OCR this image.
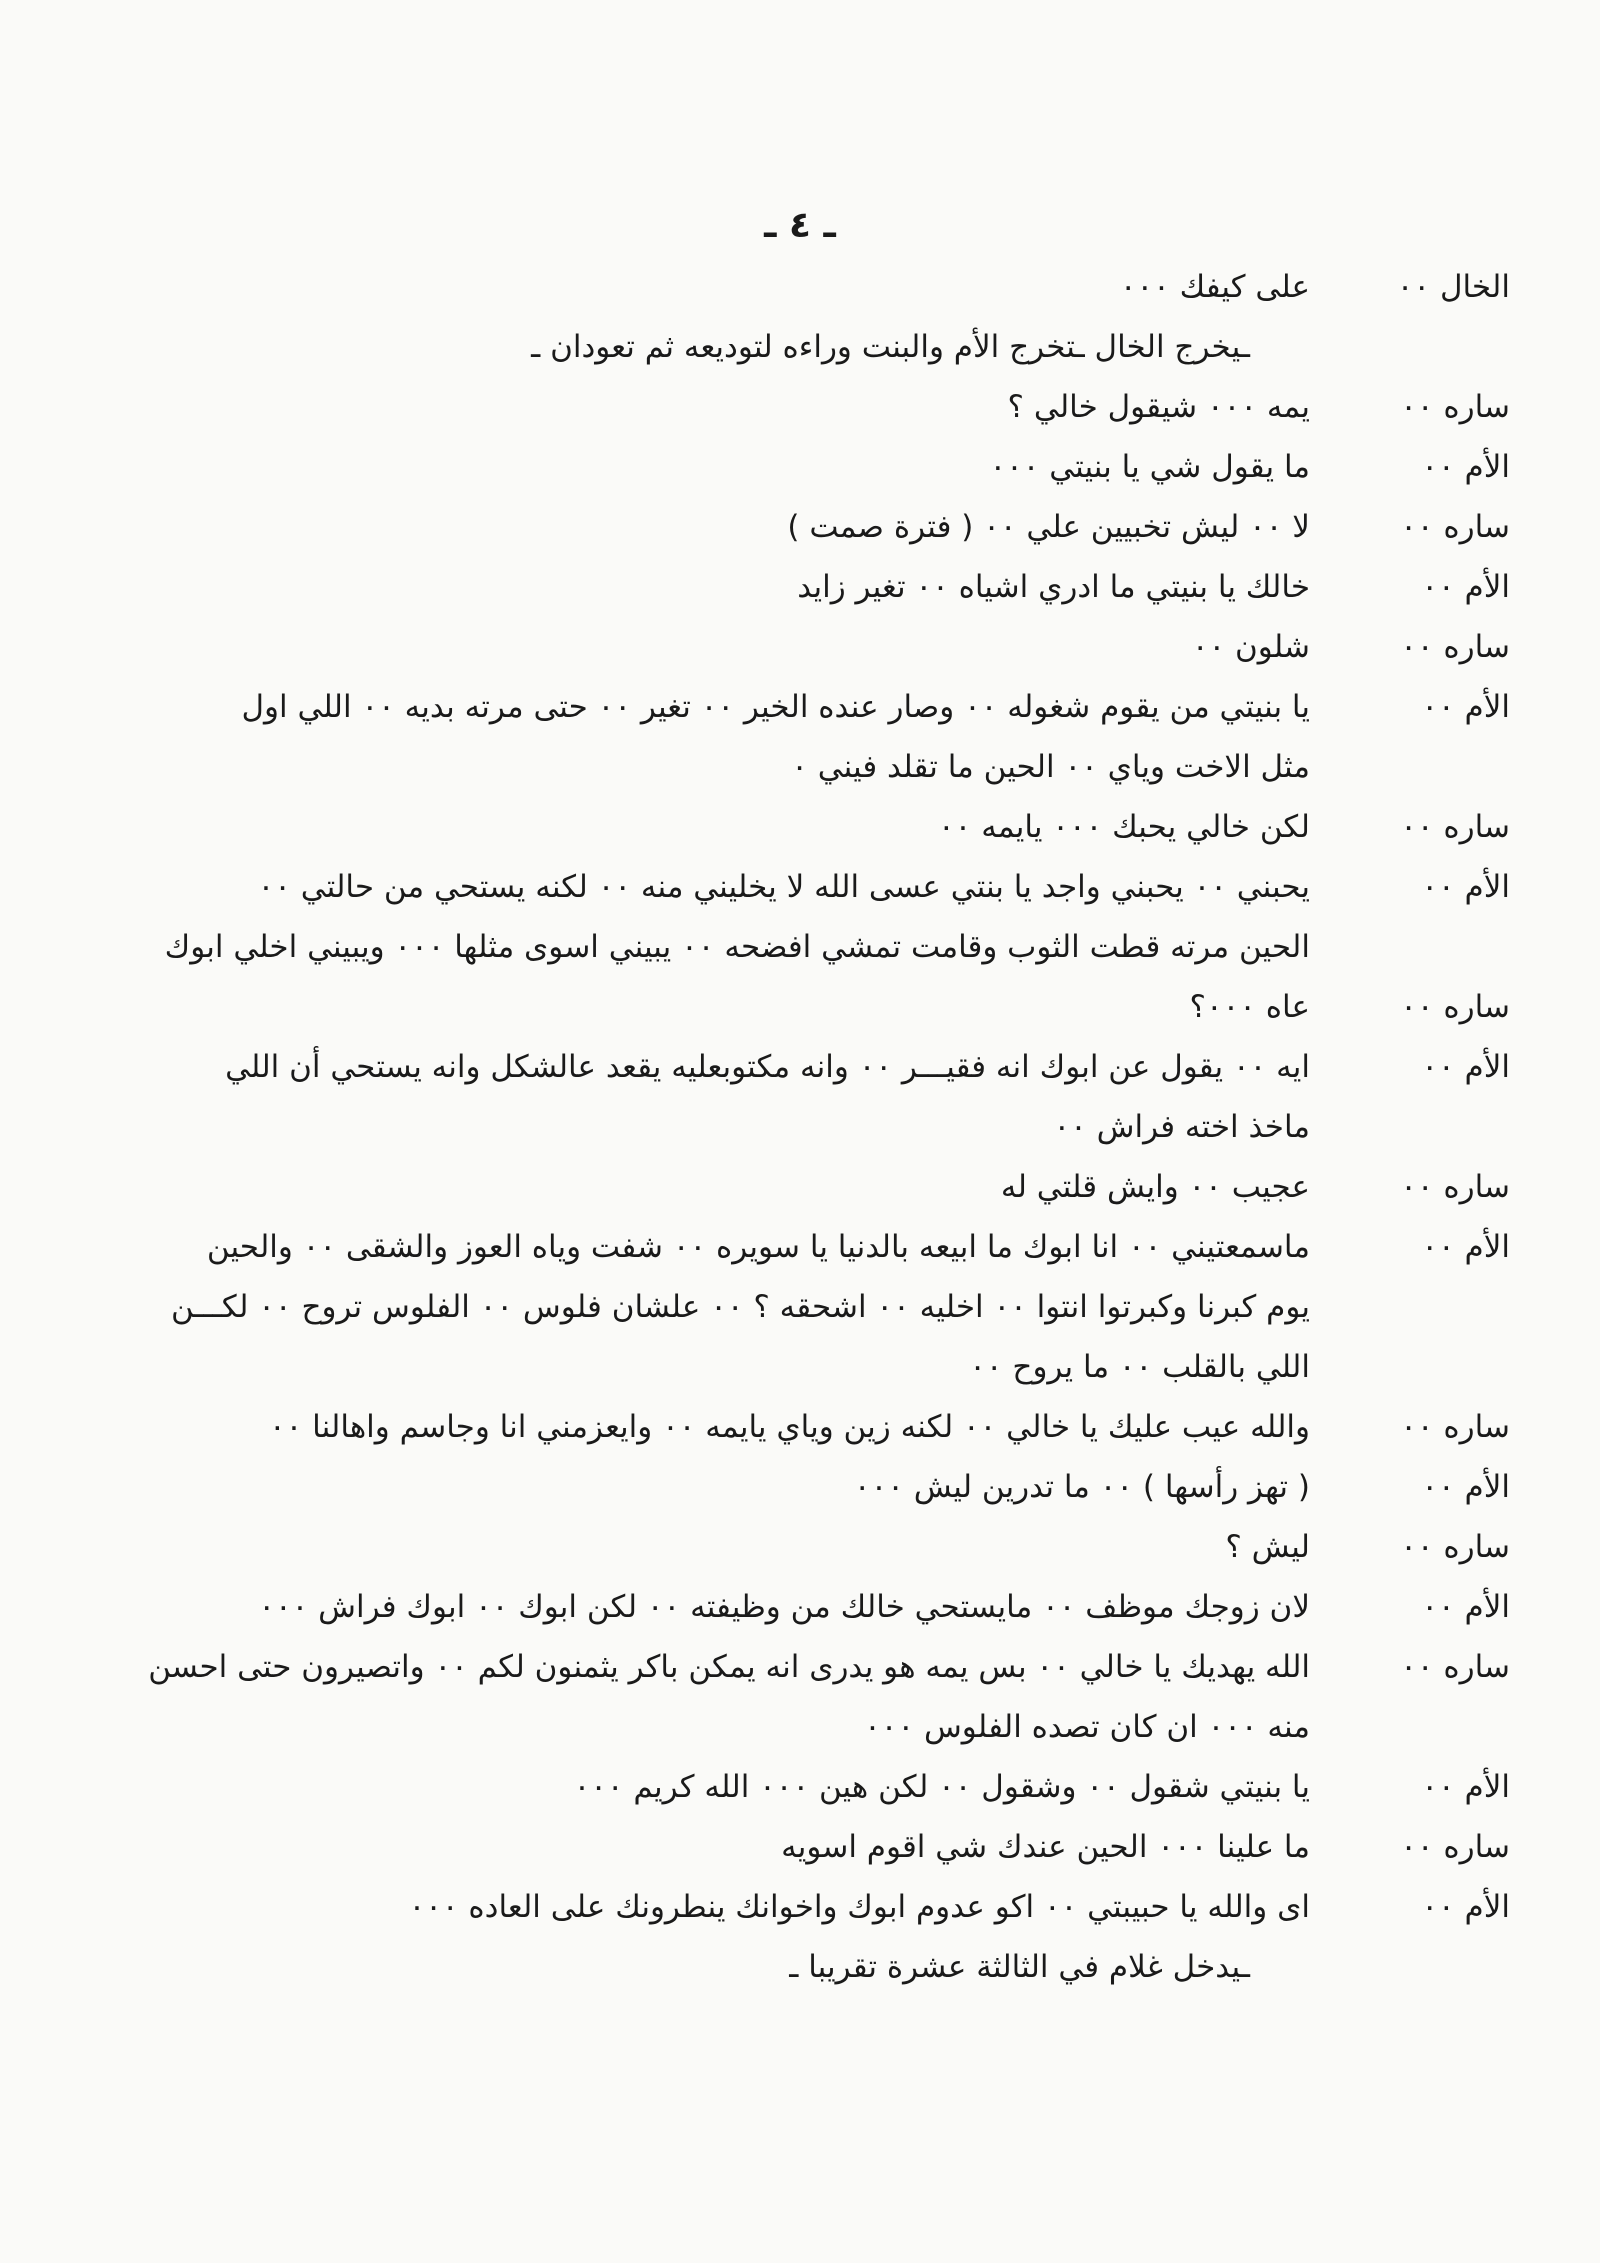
ـ ٤ ـ
الخال ٠٠
على كيفك ٠٠٠
ـيخرج الخال ـتخرج الأم والبنت وراءه لتوديعه ثم تعودان ـ
ساره ٠٠
يمه ٠٠٠ شيقول خالي ؟
الأم ٠٠
ما يقول شي يا بنيتي ٠٠٠
ساره ٠٠
لا ٠٠ ليش تخبيين علي ٠٠ ( فترة صمت )
الأم ٠٠
خالك يا بنيتي ما ادري اشياه ٠٠ تغير زايد
ساره ٠٠
شلون ٠٠
الأم ٠٠
يا بنيتي من يقوم شغوله ٠٠ وصار عنده الخير ٠٠ تغير ٠٠ حتى مرته بديه ٠٠ اللي اول
مثل الاخت وياي ٠٠ الحين ما تقلد فيني ٠
ساره ٠٠
لكن خالي يحبك ٠٠٠ يايمه ٠٠
الأم ٠٠
يحبني ٠٠ يحبني واجد يا بنتي عسى الله لا يخليني منه ٠٠ لكنه يستحي من حالتي ٠٠
الحين مرته قطت الثوب وقامت تمشي افضحه ٠٠ يبيني اسوى مثلها ٠٠٠ ويبيني اخلي ابوك
ساره ٠٠
عاه ٠٠٠؟
الأم ٠٠
ايه ٠٠ يقول عن ابوك انه فقيـــر ٠٠ وانه مكتوبعليه يقعد عالشكل وانه يستحي أن اللي
ماخذ اخته فراش ٠٠
ساره ٠٠
عجيب ٠٠ وايش قلتي له
الأم ٠٠
ماسمعتيني ٠٠ انا ابوك ما ابيعه بالدنيا يا سويره ٠٠ شفت وياه العوز والشقى ٠٠ والحين
يوم كبرنا وكبرتوا انتوا ٠٠ اخليه ٠٠ اشحقه ؟ ٠٠ علشان فلوس ٠٠ الفلوس تروح ٠٠ لكـــن
اللي بالقلب ٠٠ ما يروح ٠٠
ساره ٠٠
والله عيب عليك يا خالي ٠٠ لكنه زين وياي يايمه ٠٠ وايعزمني انا وجاسم واهالنا ٠٠
الأم ٠٠
( تهز رأسها ) ٠٠ ما تدرين ليش ٠٠٠
ساره ٠٠
ليش ؟
الأم ٠٠
لان زوجك موظف ٠٠ مايستحي خالك من وظيفته ٠٠ لكن ابوك ٠٠ ابوك فراش ٠٠٠
ساره ٠٠
الله يهديك يا خالي ٠٠ بس يمه هو يدرى انه يمكن باكر يثمنون لكم ٠٠ واتصيرون حتى احسن
منه ٠٠٠ ان كان تصده الفلوس ٠٠٠
الأم ٠٠
يا بنيتي شقول ٠٠ وشقول ٠٠ لكن هين ٠٠٠ الله كريم ٠٠٠
ساره ٠٠
ما علينا ٠٠٠ الحين عندك شي اقوم اسويه
الأم ٠٠
اى والله يا حبيبتي ٠٠ اكو عدوم ابوك واخوانك ينطرونك على العاده ٠٠٠
ـيدخل غلام في الثالثة عشرة تقريبا ـ
